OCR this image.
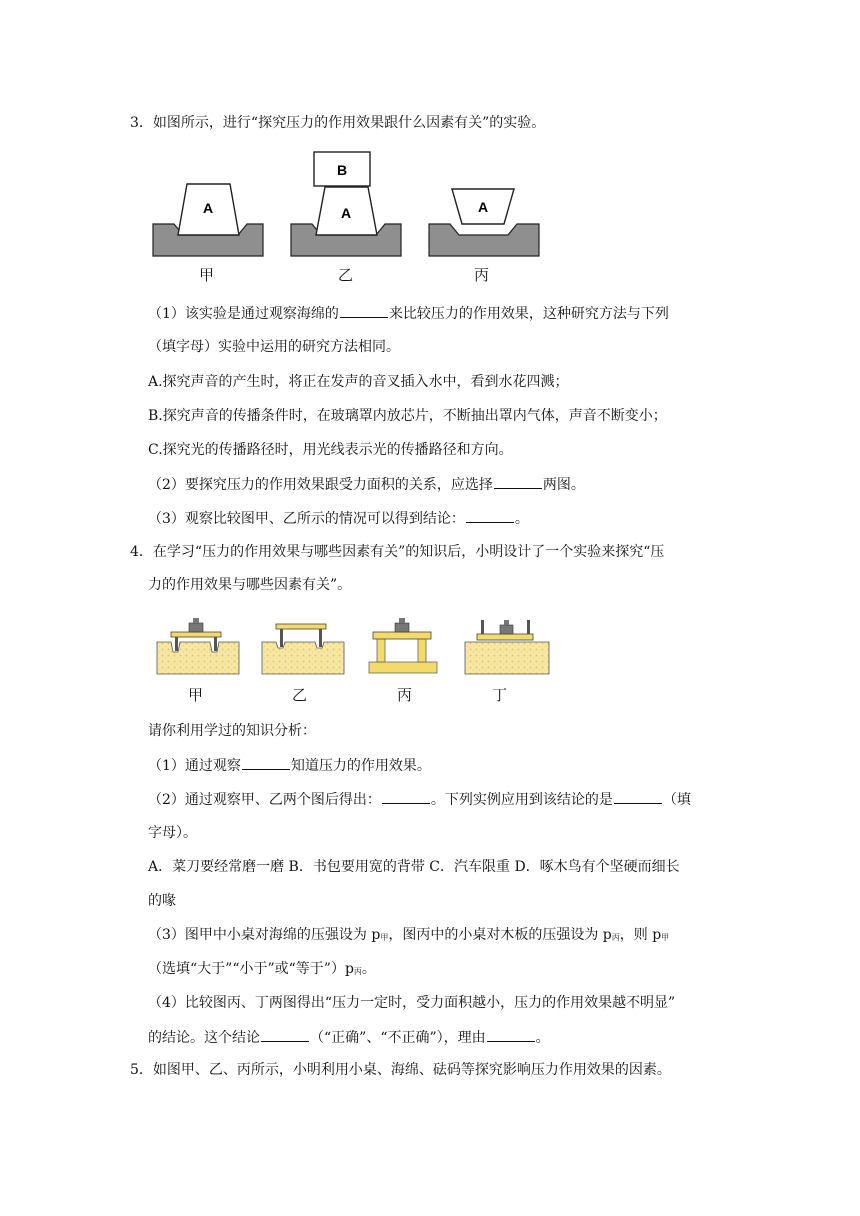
3．如图所示，进行“探究压力的作用效果跟什么因素有关”的实验。
A	A
B
A
甲	乙	丙
（1）该实验是通过观察海绵的	来比较压力的作用效果，这种研究方法与下列
（填字母）实验中运用的研究方法相同。
A.探究声音的产生时，将正在发声的音叉插入水中，看到水花四溅；
B.探究声音的传播条件时，在玻璃罩内放芯片，不断抽出罩内气体，声音不断变小；
C.探究光的传播路径时，用光线表示光的传播路径和方向。
（2）要探究压力的作用效果跟受力面积的关系，应选择	两图。
（3）观察比较图甲、乙所示的情况可以得到结论：	。
4．在学习“压力的作用效果与哪些因素有关”的知识后，小明设计了一个实验来探究“压
力的作用效果与哪些因素有关”。
甲	乙	丙	丁
请你利用学过的知识分析：
（1）通过观察	知道压力的作用效果。
（2）通过观察甲、乙两个图后得出：	。下列实例应用到该结论的是	（填
字母）。
A．菜刀要经常磨一磨 B．书包要用宽的背带 C．汽车限重 D．啄木鸟有个坚硬而细长
的喙
（3）图甲中小桌对海绵的压强设为 $p_甲$，图丙中的小桌对木板的压强设为 $p_丙$，则 $p_甲$
（选填“大于”“小于”或“等于$”)p_丙$。
（4）比较图丙、丁两图得出“压力一定时，受力面积越小，压力的作用效果越不明显”
的结论。这个结论	（“正确”、“不正确”），理由	。
5．如图甲、乙、丙所示，小明利用小桌、海绵、砝码等探究影响压力作用效果的因素。
